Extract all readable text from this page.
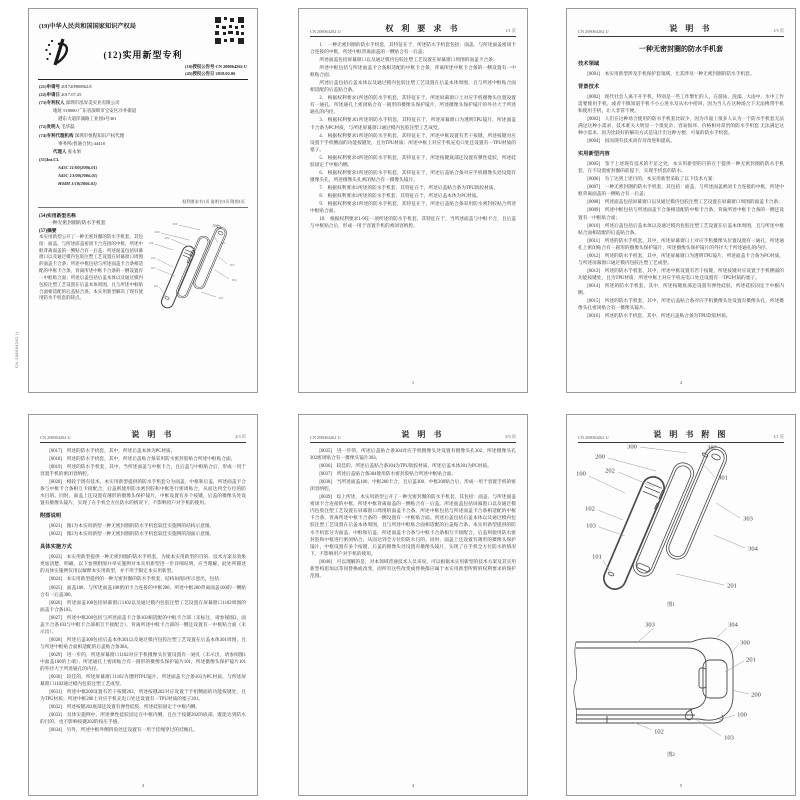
(19)中华人民共和国国家知识产权局
(12)实用新型专利
(10)授权公告号 CN 208064262 U
(45)授权公告日 2018.02.06
(21)申请号 201720900862.8
(22)申请日 2017.07.25
(73)专利权人 深圳市泓昇美实业有限公司
地址 518000 广东省深圳市宝安区沙井街道
港东大道洋涌路工业园3号301
(72)发明人 毛华磊
(74)专利代理机构 深圳市恒程知识产权代理
事务所(普通合伙) 44418
代理人 张永果
(51)Int.Cl.
A45C 11/00(2006.01)
A45C 13/00(2006.01)
H04M 1/18(2006.01)
权利要求书1页 说明书3页 附图1页
(54)实用新型名称
一种无密封圈的防水手机套
(57)摘要
本实用新型公开了一种无密封圈的防水手机套，其包括：面盖、与所述面盖密闭卡合连接的中框，所述中框背离面盖的一侧贴合有一后盖；所述面盖包括屏幕窗口以及通过模内包胶注塑工艺设置在屏幕窗口周围的面盖卡合条；所述中框包括与所述面盖卡合条相适配的中框卡合条，背离所述中框卡合条的一侧设置有一中框贴合面；所述后盖包括后盖本体以及通过模内包胶注塑工艺设置在后盖本体周围，且与所述中框贴合面相适配的后盖贴合条。本实用新型解决了现有使用防水手机套的缺点。
300	302
200
202
100	301
303
304
102
103
101
201
CN 208064262 U
CN 208064262 U	权 利 要 求 书	1/1 页

1.　一种无密封圈的防水手机套，其特征在于，所述防水手机套包括：面盖、与所述面盖密闭卡合连接的中框，所述中框背离面盖的一侧贴合有一后盖；

所述面盖包括屏幕窗口以及通过模内包胶注塑工艺设置在屏幕窗口周围的面盖卡合条；

所述中框包括与所述面盖卡合条相适配的中框卡合条，背离所述中框卡合条的一侧设置有一中框贴合面；

所述后盖包括后盖本体以及通过模内包胶注塑工艺设置在后盖本体周围，且与所述中框贴合面相适配的后盖贴合条。

2.　根据权利要求1所述的防水手机套，其特征在于，所述屏幕窗口上对应手机摄像头位置设置有一通孔，所述通孔上密闭贴合有一圆形的摄像头保护镜片，所述摄像头保护镜片的外径大于所述通孔的内径。

3.　根据权利要求1所述的防水手机套，其特征在于，所述屏幕窗口为透明TPU镜片，所述面盖卡合条为PC材质，与所述屏幕窗口通过模内包胶注塑工艺成型。

4.　根据权利要求1所述的防水手机套，其特征在于，所述中框设置有若干按键，所述按键对应设置于手机侧面的功能按键处，且为TPU材质；所述中框上对应手机充电口处还设置有一TPU材质的塞子。

5.　根据权利要求4所述的防水手机套，其特征在于，所述按键底部还设置有弹性硅胶，所述硅胶固定于中框内侧。

6.　根据权利要求1所述的防水手机套，其特征在于，所述后盖贴合条对应手机摄像头处设置有摄像头孔，所述摄像头孔密闭贴合有一摄像头镜片。

7.　根据权利要求1所述的防水手机套，其特征在于，所述后盖贴合条为TPU软胶材质。

8.　根据权利要求1所述的防水手机套，其特征在于，所述后盖本体为PC材质。

9.　根据权利要求1所述的防水手机套，其特征在于，所述后盖贴合条采用防水密封胶贴合所述中框贴合面。

10.　根据权利要求1-9任一项所述的防水手机套，其特征在于，当所述面盖与中框卡合，且后盖与中框贴合后，形成一用于容置手机的密闭容纳腔。

1
CN 208064262 U	说 明 书	1/3 页
一种无密封圈的防水手机套

技术领域

[0001]　本实用新型涉及手机保护套领域，尤其涉及一种无密封圈的防水手机套。

背景技术

[0002]　现代社会人离不开手机，特别是一些工作繁忙的人，在游泳、洗澡、大雨中、水中工作需要使用手机，或者不慎知道手机不小心进水及从水中捞回，因为当人在这种场合下无法携带手机和使用手机，让人非常不便。

[0003]　人们在这种场合使用的防水手机套比较少，因为市面上很多人认为一个防水手机套无法满足这种小需求，技术难关大明显一个很复杂、容易损坏、价格相对昂贵的防水手机套 无法满足这种小需求，因为比较好的解决方式是设计出这种方便、可靠的防水手机套。

[0004]　因而现有技术尚有待改进和提高。

实用新型内容

[0005]　鉴于上述现有技术的不足之处，本实用新型的目的在于提供一种无密封圈的防水手机套，在不设置密封圈的前提下，实现手机套的防水。

[0006]　为了达到上述目的，本实用新型采取了以下技术方案：

[0007]　一种无密封圈的防水手机套，其包括：面盖、与所述面盖密闭卡合连接的中框，所述中框背离面盖的一侧贴合有一后盖；

[0008]　所述面盖包括屏幕窗口以及通过模内包胶注塑工艺设置在屏幕窗口周围的面盖卡合条；

[0009]　所述中框包括与所述面盖卡合条相适配的中框卡合条，背离所述中框卡合条的一侧还设置有一中框贴合面；

[0010]　所述后盖包括后盖本体以及通过模内包胶注塑工艺设置在后盖本体周围，且与所述中框贴合面相适配的后盖贴合条。

[0011]　所述的防水手机套，其中，所述屏幕窗口上对应手机摄像头位置设置有一通孔，所述通孔上密闭贴合有一圆形的摄像头保护镜片，所述摄像头保护镜片的外径大于所述通孔的内径。

[0012]　所述的防水手机套，其中，所述屏幕窗口为透明TPU镜片，所述面盖卡合条为PC材质，与所述屏幕窗口通过模内包胶注塑工艺成型。

[0013]　所述的防水手机套，其中，所述中框设置有若干按键，所述按键对应设置于手机侧面的功能按键处，且为TPU材质；所述中框上对应手机充电口处还设置有一TPU材质的塞子。

[0014]　所述的防水手机套，其中，所述按键底部还设置有弹性硅胶，所述硅胶固定于中框内侧。

[0015]　所述的防水手机套，其中，所述后盖贴合条对应手机摄像头处设置有摄像头孔，所述摄像头孔密闭贴合有一摄像头镜片。

[0016]　所述的防水手机套，其中，所述后盖贴合条为TPU软胶材质。

2
CN 208064262 U	说 明 书	2/3 页

[0017]　所述的防水手机套，其中，所述后盖本体为PC材质。

[0018]　所述的防水手机套，其中，所述后盖贴合条采用防水密封胶贴合所述中框贴合面。

[0019]　所述的防水手机套，其中，当所述面盖与中框卡合，且后盖与中框贴合后，形成一用于容置手机的密闭容纳腔。

[0020]　相较于现有技术，本实用新型提供的防水手机套分为面盖、中框和后盖，所述面盖卡合条与中框卡合条相互卡接配合，后盖则使用防水密封胶和中框进行密闭贴合，从而达到全方位的防水目的。同时，面盖上还设置有薄形的摄像头保护镜片，中框设置有多个按键，后盖的摄像头处设置有摄像头镜片，实现了在手机全方位防水的情况下，不影响用户对手机的使用。

附图说明

[0021]　图1为本实用新型一种无密封圈的防水手机套较佳实施例的结构示意图。

[0022]　图2为本实用新型一种无密封圈的防水手机套较佳实施例的剖面示意图。

具体实施方式

[0023]　本实用新型提供一种无密封圈的防水手机套，为使本实用新型的目的、技术方案及效果更加清楚、明确，以下参照附图并举实施例对本实用新型进一步详细说明。应当理解，此处所描述的具体实施例仅用以解释本实用新型，并不用于限定本实用新型。

[0024]　本实用新型提供的一种无密封圈的防水手机套，结构如图1所示意出，包括：

[0025]　面盖100、与所述面盖100密闭卡合连接的中框200，所述中框200背离面盖100的一侧贴合有一后盖300。

[0026]　所述面盖100包括屏幕窗口1102以及通过模内包胶注塑工艺设置在屏幕窗口1102周围的面盖卡合条103。

[0027]　所述中框200包括与所述面盖卡合条103相适配的中框卡合部（未标注，请参阅图2，面盖卡合条103与中框卡合部相互卡接配合），背离所述中框卡合部的一侧还设置有一中框贴合面（未示出）。

[0028]　所述后盖300包括后盖本体301以及通过模内包胶注塑工艺设置在后盖本体301周围，且与所述中框贴合面相适配的后盖贴合条304。

[0029]　进一步的，所述屏幕窗口1102对应手机摄像头位置设置有一通孔（未示出，请参阅图1中面盖100的上端），所述通孔上密闭贴合有一圆形的摄像头保护镜片101，所述摄像头保护镜片101的外径大于所述通孔的内径。

[0030]　较佳的，所述屏幕窗口1102为透明TPU镜片，所述面盖卡合条103为PC材质，与所述屏幕窗口1102通过模内包胶注塑工艺成型。

[0031]　所述中框200设置有若干按键202，所述按键202对应设置于手机侧面的功能按键处，且为TPU材质；所述中框200上对应手机充电口处还设置有一TPU材质的塞子201。

[0032]　所述按键202底部还设置有弹性硅胶，所述硅胶固定于中框内侧。

[0033]　具体实施例中，所述弹性硅胶固定在中框内侧，且位于按键202的底部，既能达到防水的目的，也不影响按键202的按压手感。

[0034]　另外，所述中框外侧四角处还设置有一用于挂绳穿过的挂绳孔。

3
CN 208064262 U	说 明 书	3/3 页

[0035]　进一步的，所述后盖贴合条304对应手机摄像头处设置有摄像头孔302，所述摄像头孔302密闭贴合有一摄像头镜片303。

[0036]　较佳的，所述后盖贴合条304为TPU软胶材质，所述后盖本体301为PC材质。

[0037]　所述后盖贴合条304使用防水密封胶贴合所述中框贴合面。

[0038]　当所述面盖100、中框200卡合，且后盖300、中框200贴合后，形成一用于容置手机的密闭容纳腔。

[0039]　综上所述，本实用新型公开了一种无密封圈的防水手机套，其包括：面盖、与所述面盖密闭卡合连接的中框，所述中框背离面盖的一侧贴合有一后盖。所述面盖包括屏幕窗口以及通过模内包胶注塑工艺设置在屏幕窗口周围的面盖卡合条。所述中框包括与所述面盖卡合条相适配的中框卡合条，背离所述中框卡合条的一侧设置有一中框贴合面。所述后盖包括后盖本体以及通过模内包胶注塑工艺设置在后盖本体周围，且与所述中框贴合面相适配的后盖贴合条。本实用新型提供的防水手机套分为面盖、中框和后盖，所述面盖卡合条与中框卡合条相互卡接配合，后盖则使用防水密封胶和中框进行密闭贴合，从而达到全方位的防水目的。同时，面盖上还设置有薄形的摄像头保护镜片，中框设置有多个按键，后盖的摄像头处设置有摄像头镜片，实现了在手机全方位防水的情况下，不影响用户对手机的使用。

[0040]　可以理解的是，对本领域普通技术人员来说，可以根据本实用新型的技术方案及其实用新型构思加以等同替换或改变，而所有这些改变或替换都应属于本实用新型所附的权利要求的保护范围。

4
CN 208064262 U	说 明 书 附 图	1/1 页
300	302
200
202
100
301
303
304
102
103
101
201
图1
303	304
300
201
200
100
102
103
图2
5
